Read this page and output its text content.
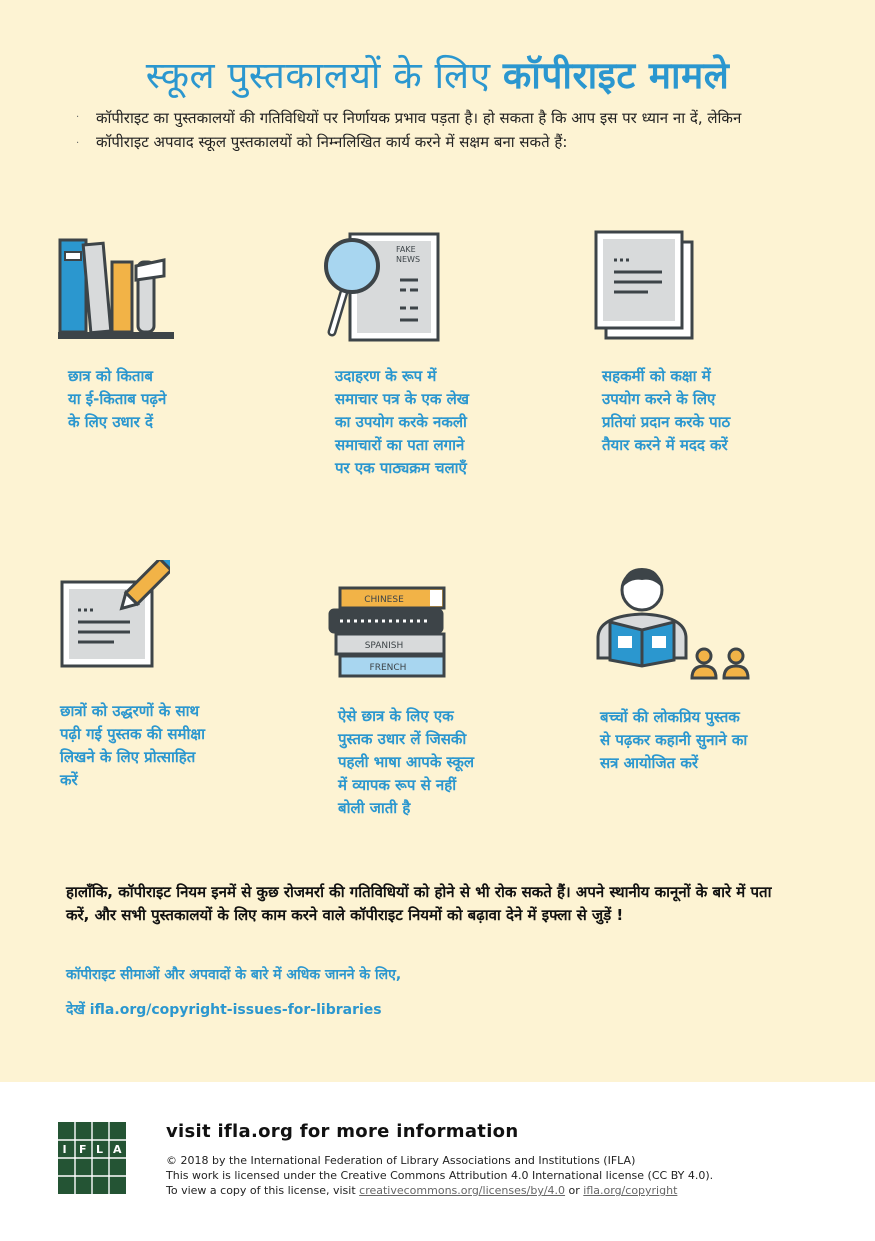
स्कूल पुस्तकालयों के लिए कॉपीराइट मामले
·
·
कॉपीराइट का पुस्तकालयों की गतिविधियों पर निर्णायक प्रभाव पड़ता है। हो सकता है कि आप इस पर ध्यान ना दें, लेकिन कॉपीराइट अपवाद स्कूल पुस्तकालयों को निम्नलिखित कार्य करने में सक्षम बना सकते हैं:
FAKE
NEWS
CHINESE
SPANISH
FRENCH
छात्र को किताब
या ई-किताब पढ़ने
के लिए उधार दें
उदाहरण के रूप में
समाचार पत्र के एक लेख
का उपयोग करके नकली
समाचारों का पता लगाने
पर एक पाठ्यक्रम चलाएँ
सहकर्मी को कक्षा में
उपयोग करने के लिए
प्रतियां प्रदान करके पाठ
तैयार करने में मदद करें
छात्रों को उद्धरणों के साथ
पढ़ी गई पुस्तक की समीक्षा
लिखने के लिए प्रोत्साहित
करें
ऐसे छात्र के लिए एक
पुस्तक उधार लें जिसकी
पहली भाषा आपके स्कूल
में व्यापक रूप से नहीं
बोली जाती है
बच्चों की लोकप्रिय पुस्तक
से पढ़कर कहानी सुनाने का
सत्र आयोजित करें
हालाँकि, कॉपीराइट नियम इनमें से कुछ रोजमर्रा की गतिविधियों को होने से भी रोक सकते हैं। अपने स्थानीय कानूनों के बारे में पता करें, और सभी पुस्तकालयों के लिए काम करने वाले कॉपीराइट नियमों को बढ़ावा देने में इफ्ला से जुड़ें !
कॉपीराइट सीमाओं और अपवादों के बारे में अधिक जानने के लिए,
देखें ifla.org/copyright-issues-for-libraries
I F L A
visit ifla.org for more information
© 2018 by the International Federation of Library Associations and Institutions (IFLA)
This work is licensed under the Creative Commons Attribution 4.0 International license (CC BY 4.0).
To view a copy of this license, visit creativecommons.org/licenses/by/4.0 or ifla.org/copyright
